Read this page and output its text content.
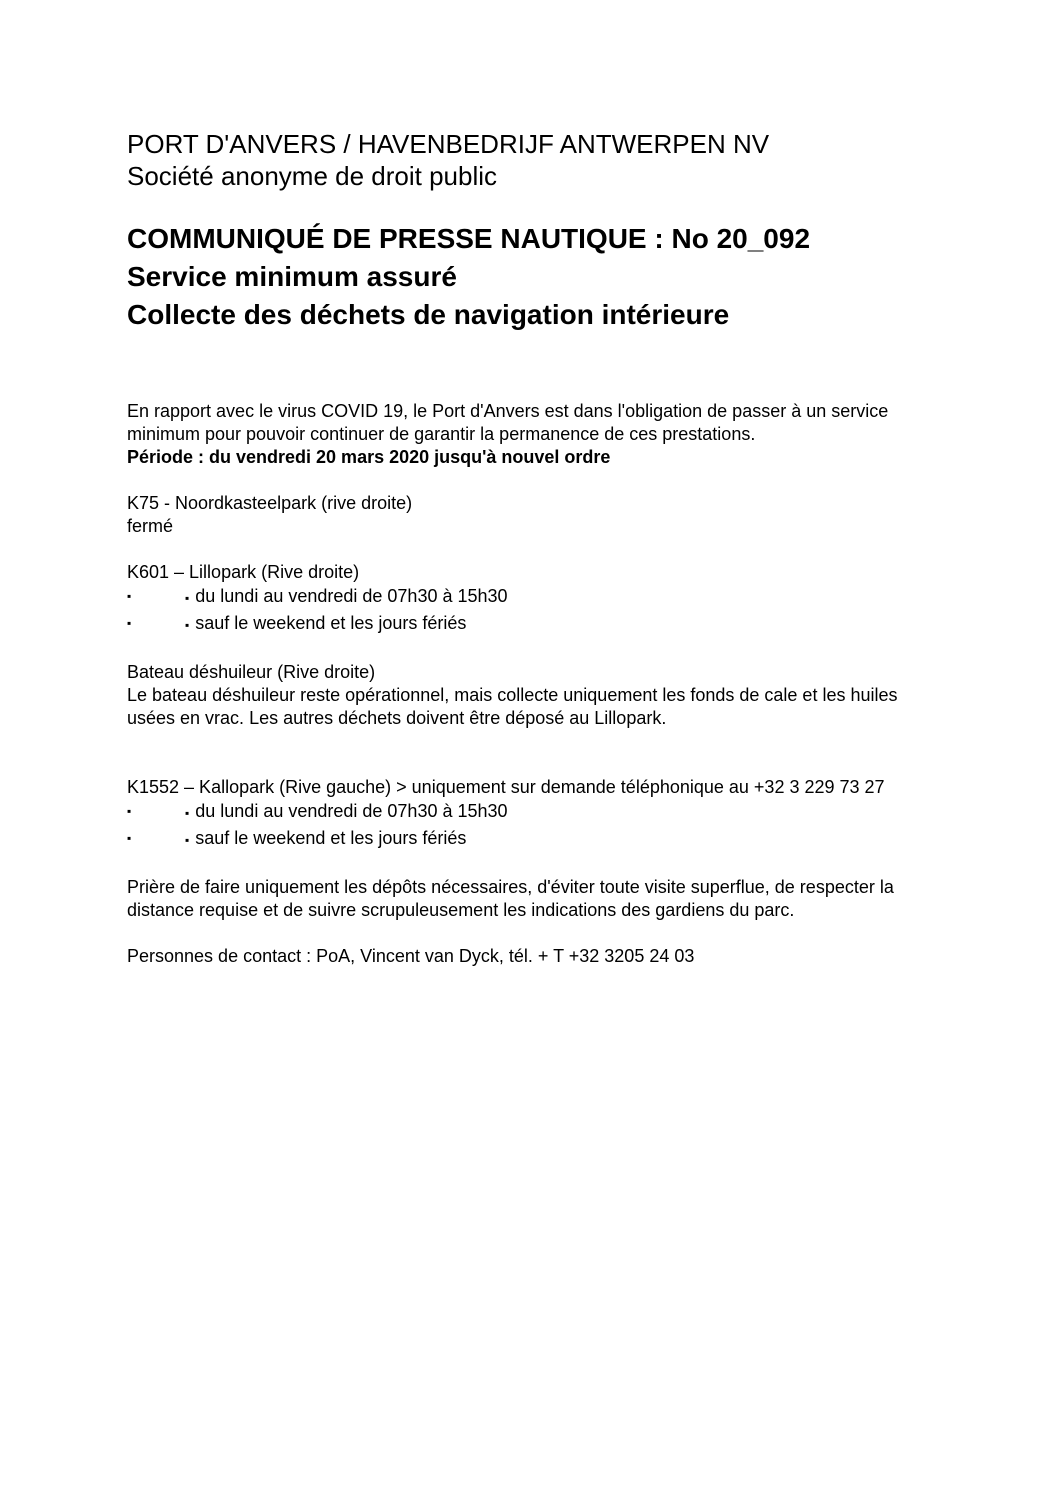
PORT D'ANVERS / HAVENBEDRIJF ANTWERPEN NV

Société anonyme de droit public

COMMUNIQUÉ DE PRESSE NAUTIQUE : No 20_092

Service minimum assuré

Collecte des déchets de navigation intérieure

En rapport avec le virus COVID 19, le Port d'Anvers est dans l'obligation de passer à un service minimum pour pouvoir continuer de garantir la permanence de ces prestations.

Période : du vendredi 20 mars 2020 jusqu'à nouvel ordre

K75 - Noordkasteelpark (rive droite)

fermé

K601 – Lillopark (Rive droite)

▪	▪ du lundi au vendredi de 07h30 à 15h30
▪	▪ sauf le weekend et les jours fériés

Bateau déshuileur (Rive droite)

Le bateau déshuileur reste opérationnel, mais collecte uniquement les fonds de cale et les huiles usées en vrac. Les autres déchets doivent être déposé au Lillopark.

K1552 – Kallopark (Rive gauche) > uniquement sur demande téléphonique au +32 3 229 73 27

▪	▪ du lundi au vendredi de 07h30 à 15h30
▪	▪ sauf le weekend et les jours fériés

Prière de faire uniquement les dépôts nécessaires, d'éviter toute visite superflue, de respecter la distance requise et de suivre scrupuleusement les indications des gardiens du parc.

Personnes de contact : PoA, Vincent van Dyck, tél. + T +32 3205 24 03
